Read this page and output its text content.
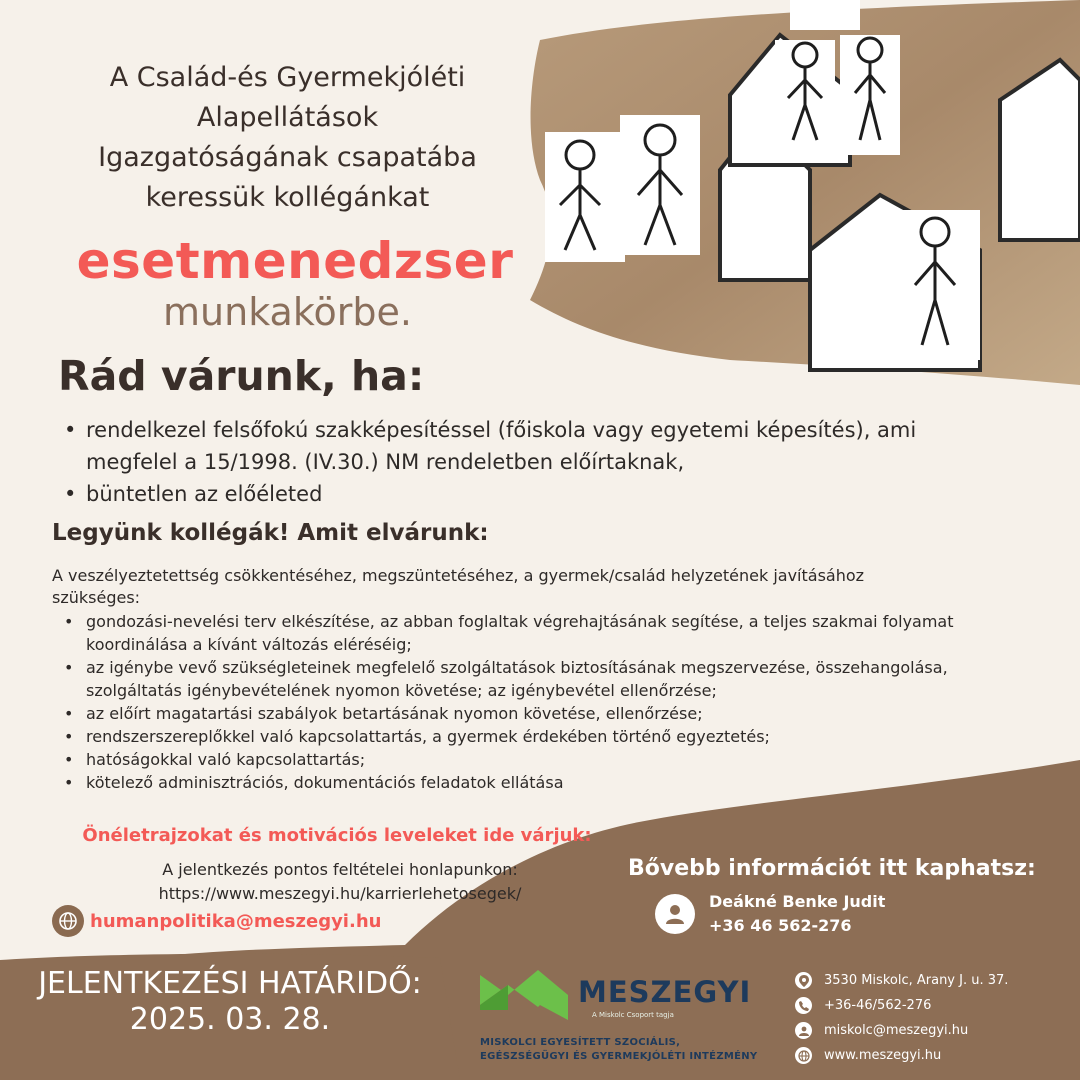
A Család-és Gyermekjóléti
Alapellátások
Igazgatóságának csapatába
keressük kollégánkat
esetmenedzser
munkakörbe.
Rád várunk, ha:
• rendelkezel felsőfokú szakképesítéssel (főiskola vagy egyetemi képesítés), ami megfelel a 15/1998. (IV.30.) NM rendeletben előírtaknak,
• büntetlen az előéleted
Legyünk kollégák! Amit elvárunk:
A veszélyeztetettség csökkentéséhez, megszüntetéséhez, a gyermek/család helyzetének javításához szükséges:
• gondozási-nevelési terv elkészítése, az abban foglaltak végrehajtásának segítése, a teljes szakmai folyamat koordinálása a kívánt változás eléréséig;
• az igénybe vevő szükségleteinek megfelelő szolgáltatások biztosításának megszervezése, összehangolása, szolgáltatás igénybevételének nyomon követése; az igénybevétel ellenőrzése;
• az előírt magatartási szabályok betartásának nyomon követése, ellenőrzése;
• rendszerszereplőkkel való kapcsolattartás, a gyermek érdekében történő egyeztetés;
• hatóságokkal való kapcsolattartás;
• kötelező adminisztrációs, dokumentációs feladatok ellátása
Önéletrajzokat és motivációs leveleket ide várjuk:
A jelentkezés pontos feltételei honlapunkon:
https://www.meszegyi.hu/karrierlehetosegek/
humanpolitika@meszegyi.hu
Bővebb információt itt kaphatsz:
Deákné Benke Judit
+36 46 562-276
JELENTKEZÉSI HATÁRIDŐ:
2025. 03. 28.
MESZEGYI
A Miskolc Csoport tagja
MISKOLCI EGYESÍTETT SZOCIÁLIS,
EGÉSZSÉGÜGYI ÉS GYERMEKJÓLÉTI INTÉZMÉNY
3530 Miskolc, Arany J. u. 37.
+36-46/562-276
miskolc@meszegyi.hu
www.meszegyi.hu
